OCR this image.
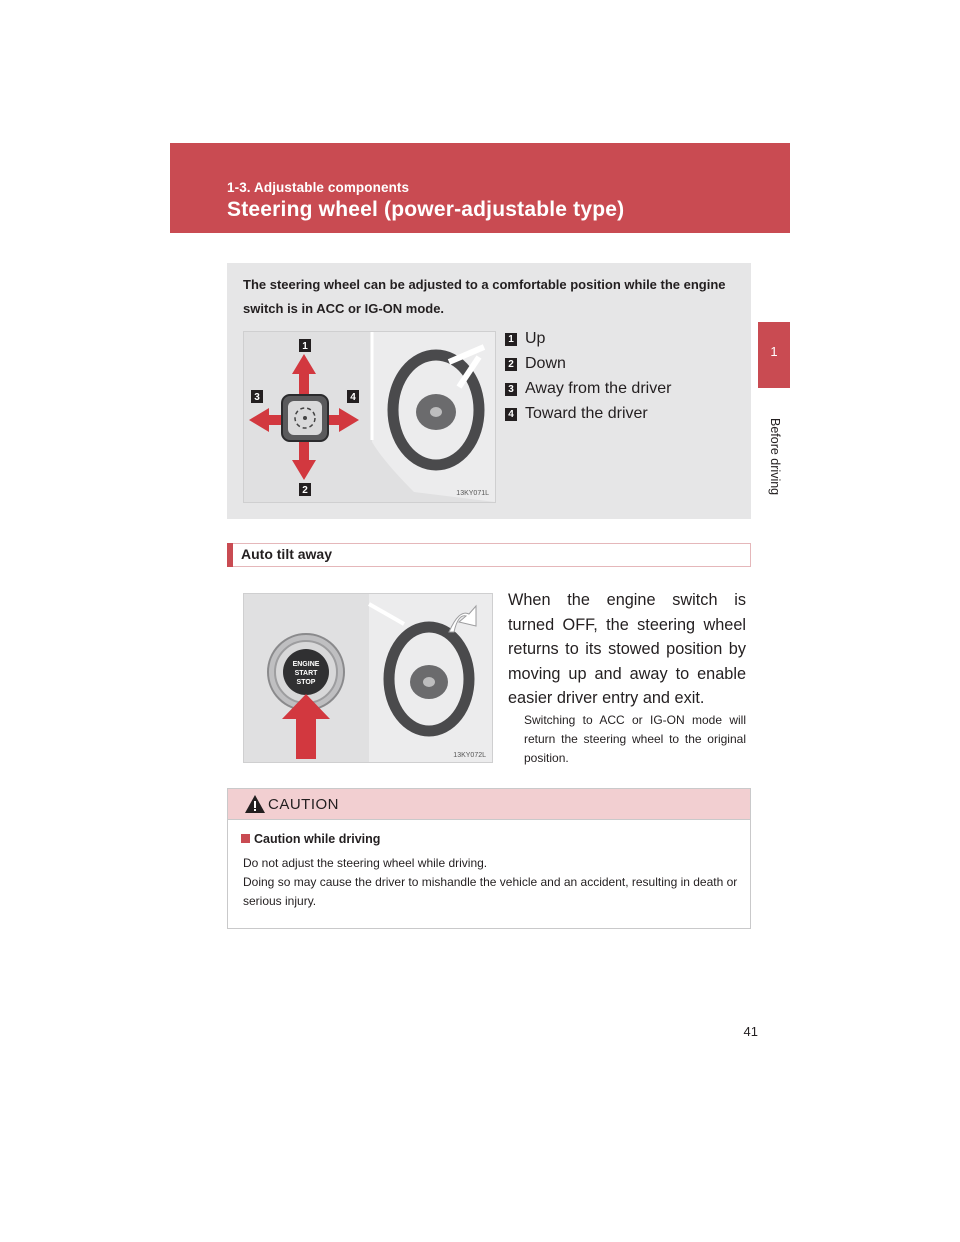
1-3. Adjustable components
Steering wheel (power-adjustable type)
1
Before driving
The steering wheel can be adjusted to a comfortable position while the engine switch is in ACC or IG-ON mode.
1
2
3	4
13KY071L
1 Up
2 Down
3 Away from the driver
4 Toward the driver
Auto tilt away
ENGINE
START
STOP
13KY072L
When the engine switch is turned OFF, the steering wheel returns to its stowed position by moving up and away to enable easier driver entry and exit.
Switching to ACC or IG-ON mode will return the steering wheel to the original position.
CAUTION
Caution while driving
Do not adjust the steering wheel while driving.
Doing so may cause the driver to mishandle the vehicle and an accident, resulting in death or serious injury.
41
